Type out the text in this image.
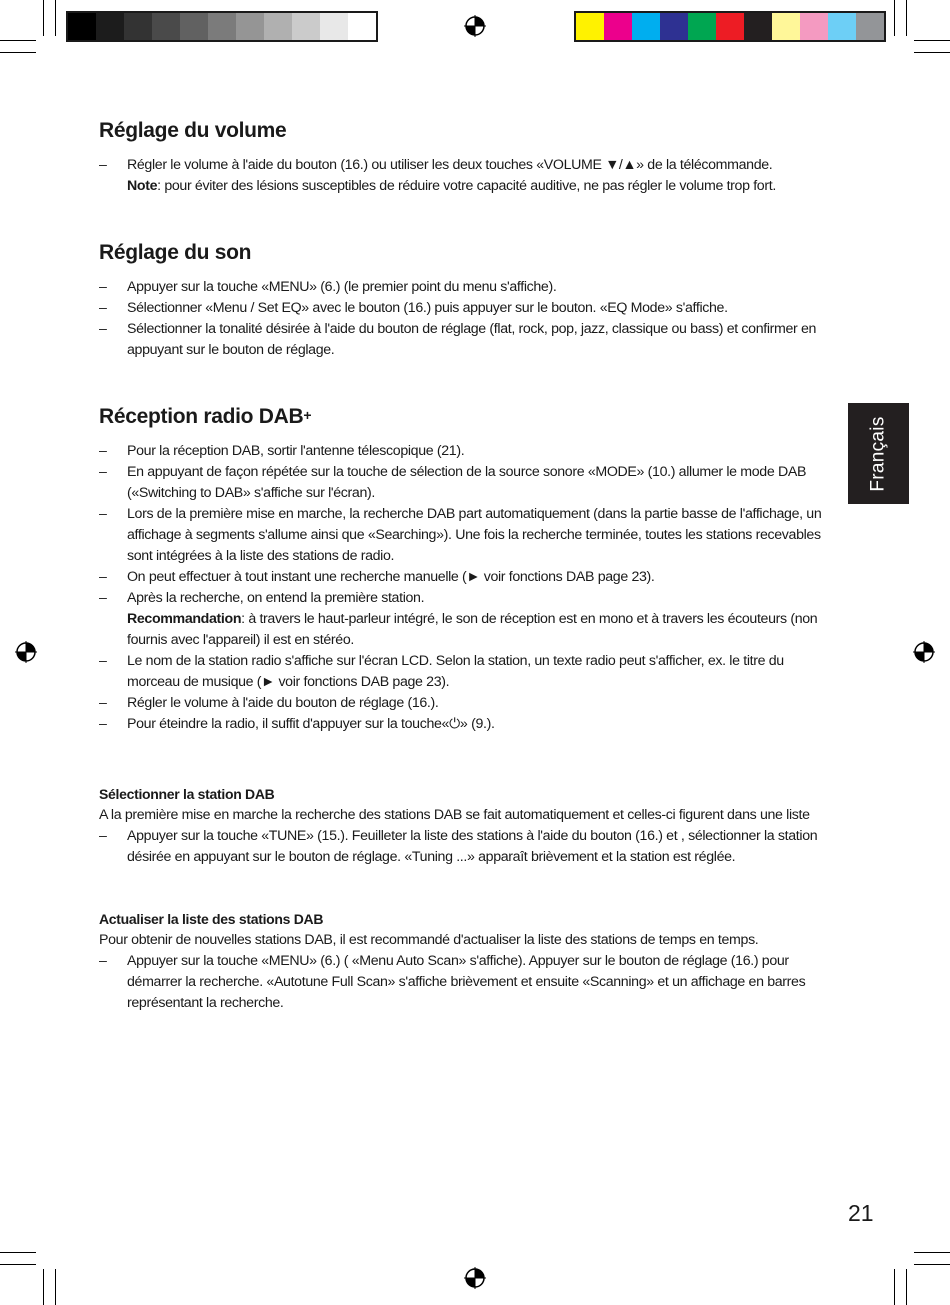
Français
Réglage du volume
– Régler le volume à l'aide du bouton (16.) ou utiliser les deux touches «VOLUME ▼/▲» de la télécommande.
Note: pour éviter des lésions susceptibles de réduire votre capacité auditive, ne pas régler le volume trop fort.
Réglage du son
– Appuyer sur la touche «MENU» (6.) (le premier point du menu s'affiche).
– Sélectionner «Menu / Set EQ» avec le bouton (16.) puis appuyer sur le bouton. «EQ Mode» s'affiche.
– Sélectionner la tonalité désirée à l'aide du bouton de réglage (flat, rock, pop, jazz, classique ou bass) et confirmer en appuyant sur le bouton de réglage.
Réception radio DAB+
– Pour la réception DAB, sortir l'antenne télescopique (21).
– En appuyant de façon répétée sur la touche de sélection de la source sonore «MODE» (10.) allumer le mode DAB («Switching to DAB» s'affiche sur l'écran).
– Lors de la première mise en marche, la recherche DAB part automatiquement (dans la partie basse de l'affichage, un affichage à segments s'allume ainsi que «Searching»). Une fois la recherche terminée, toutes les stations recevables sont intégrées à la liste des stations de radio.
– On peut effectuer à tout instant une recherche manuelle (► voir fonctions DAB page 23).
– Après la recherche, on entend la première station.
Recommandation: à travers le haut-parleur intégré, le son de réception est en mono et à travers les écouteurs (non fournis avec l'appareil) il est en stéréo.
– Le nom de la station radio s'affiche sur l'écran LCD. Selon la station, un texte radio peut s'afficher, ex. le titre du morceau de musique (► voir fonctions DAB page 23).
– Régler le volume à l'aide du bouton de réglage (16.).
– Pour éteindre la radio, il suffit d'appuyer sur la touche«⏻» (9.).
Sélectionner la station DAB

A la première mise en marche la recherche des stations DAB se fait automatiquement et celles-ci figurent dans une liste

– Appuyer sur la touche «TUNE» (15.). Feuilleter la liste des stations à l'aide du bouton (16.) et , sélectionner la station désirée en appuyant sur le bouton de réglage. «Tuning ...» apparaît brièvement et la station est réglée.
Actualiser la liste des stations DAB

Pour obtenir de nouvelles stations DAB, il est recommandé d'actualiser la liste des stations de temps en temps.

– Appuyer sur la touche «MENU» (6.) ( «Menu Auto Scan» s'affiche). Appuyer sur le bouton de réglage (16.) pour démarrer la recherche. «Autotune Full Scan» s'affiche brièvement et ensuite «Scanning» et un affichage en barres représentant la recherche.
21
